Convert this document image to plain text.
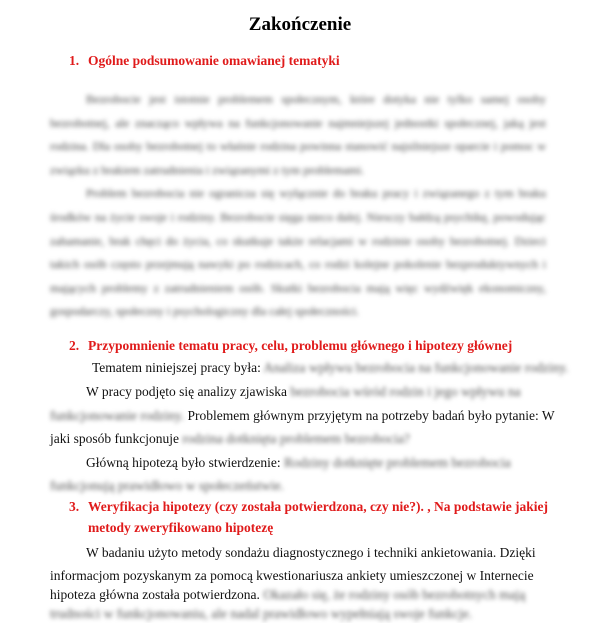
Zakończenie
1. Ogólne podsumowanie omawianej tematyki

Bezrobocie jest istotnie problemem społecznym, które dotyka nie tylko samej osoby bezrobotnej, ale znacząco wpływa na funkcjonowanie najmniejszej jednostki społecznej, jaką jest rodzina. Dla osoby bezrobotnej to właśnie rodzina powinna stanowić najsilniejsze oparcie i pomoc w związku z brakiem zatrudnienia i związanymi z tym problemami.

Problem bezrobocia nie ogranicza się wyłącznie do braku pracy i związanego z tym braku środków na życie swoje i rodziny. Bezrobocie sięga nieco dalej. Niesczy bałdzą psychikę, powodując zahamanie, brak chęci do życia, co skutkuje także relacjami w rodzinie osoby bezrobotnej. Dzieci takich osób często przejmują nawyki po rodzicach, co rodzi kolejne pokolenie bezproduktywnych i mających problemy z zatrudnieniem osób. Skutki bezrobocia mają więc wydźwięk ekonomiczny, gospodarczy, społeczny i psychologiczny dla całej społeczności.

2. Przypomnienie tematu pracy, celu, problemu głównego i hipotezy głównej
Tematem niniejszej pracy była: Analiza wpływu bezrobocia na funkcjonowanie rodziny.
W pracy podjęto się analizy zjawiska bezrobocia wśród rodzin i jego wpływu na
funkcjonowanie rodziny. Problemem głównym przyjętym na potrzeby badań było pytanie: W
jaki sposób funkcjonuje rodzina dotknięta problemem bezrobocia?
Główną hipotezą było stwierdzenie: Rodziny dotknięte problemem bezrobocia
funkcjonują prawidłowo w społeczeństwie.
3. Weryfikacja hipotezy (czy została potwierdzona, czy nie?). , Na podstawie jakiej
metody zweryfikowano hipotezę
W badaniu użyto metody sondażu diagnostycznego i techniki ankietowania. Dzięki
informacjom pozyskanym za pomocą kwestionariusza ankiety umieszczonej w Internecie
hipoteza główna została potwierdzona. Okazało się, że rodziny osób bezrobotnych mają
trudności w funkcjonowaniu, ale nadal prawidłowo wypełniają swoje funkcje.
